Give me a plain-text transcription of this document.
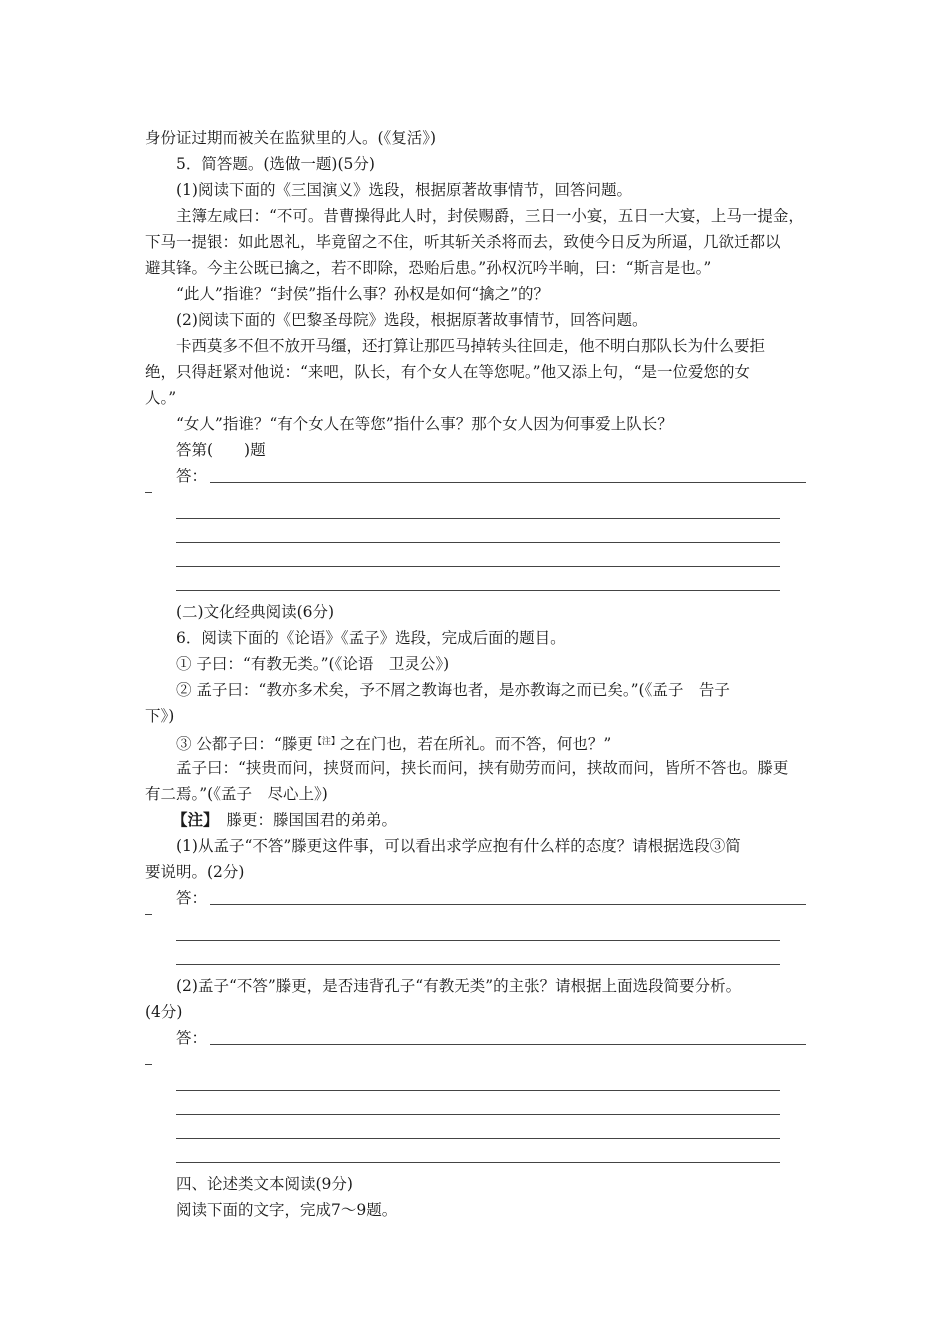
身份证过期而被关在监狱里的人。(《复活》)
5．简答题。(选做一题)(5分)
(1)阅读下面的《三国演义》选段，根据原著故事情节，回答问题。
主簿左咸曰：“不可。昔曹操得此人时，封侯赐爵，三日一小宴，五日一大宴，上马一提金，
下马一提银：如此恩礼，毕竟留之不住，听其斩关杀将而去，致使今日反为所逼，几欲迁都以
避其锋。今主公既已擒之，若不即除，恐贻后患。”孙权沉吟半晌，曰：“斯言是也。”
“此人”指谁？“封侯”指什么事？孙权是如何“擒之”的？
(2)阅读下面的《巴黎圣母院》选段，根据原著故事情节，回答问题。
卡西莫多不但不放开马缰，还打算让那匹马掉转头往回走，他不明白那队长为什么要拒
绝，只得赶紧对他说：“来吧，队长，有个女人在等您呢。”他又添上句，“是一位爱您的女
人。”
“女人”指谁？“有个女人在等您”指什么事？那个女人因为何事爱上队长？
答第(　　)题
答：
(二)文化经典阅读(6分)
6．阅读下面的《论语》《孟子》选段，完成后面的题目。
① 子曰：“有教无类。”(《论语　卫灵公》)
② 孟子曰：“教亦多术矣，予不屑之教诲也者，是亦教诲之而已矣。”(《孟子　告子
下》)
③ 公都子曰：“滕更$^{【注】}$之在门也，若在所礼。而不答，何也？”
孟子曰：“挟贵而问，挟贤而问，挟长而问，挟有勋劳而问，挟故而问，皆所不答也。滕更
有二焉。”(《孟子　尽心上》)
【注】 滕更：滕国国君的弟弟。
(1)从孟子“不答”滕更这件事，可以看出求学应抱有什么样的态度？请根据选段③简
要说明。(2分)
答：
(2)孟子“不答”滕更，是否违背孔子“有教无类”的主张？请根据上面选段简要分析。
(4分)
答：
四、论述类文本阅读(9分)
阅读下面的文字，完成7～9题。
